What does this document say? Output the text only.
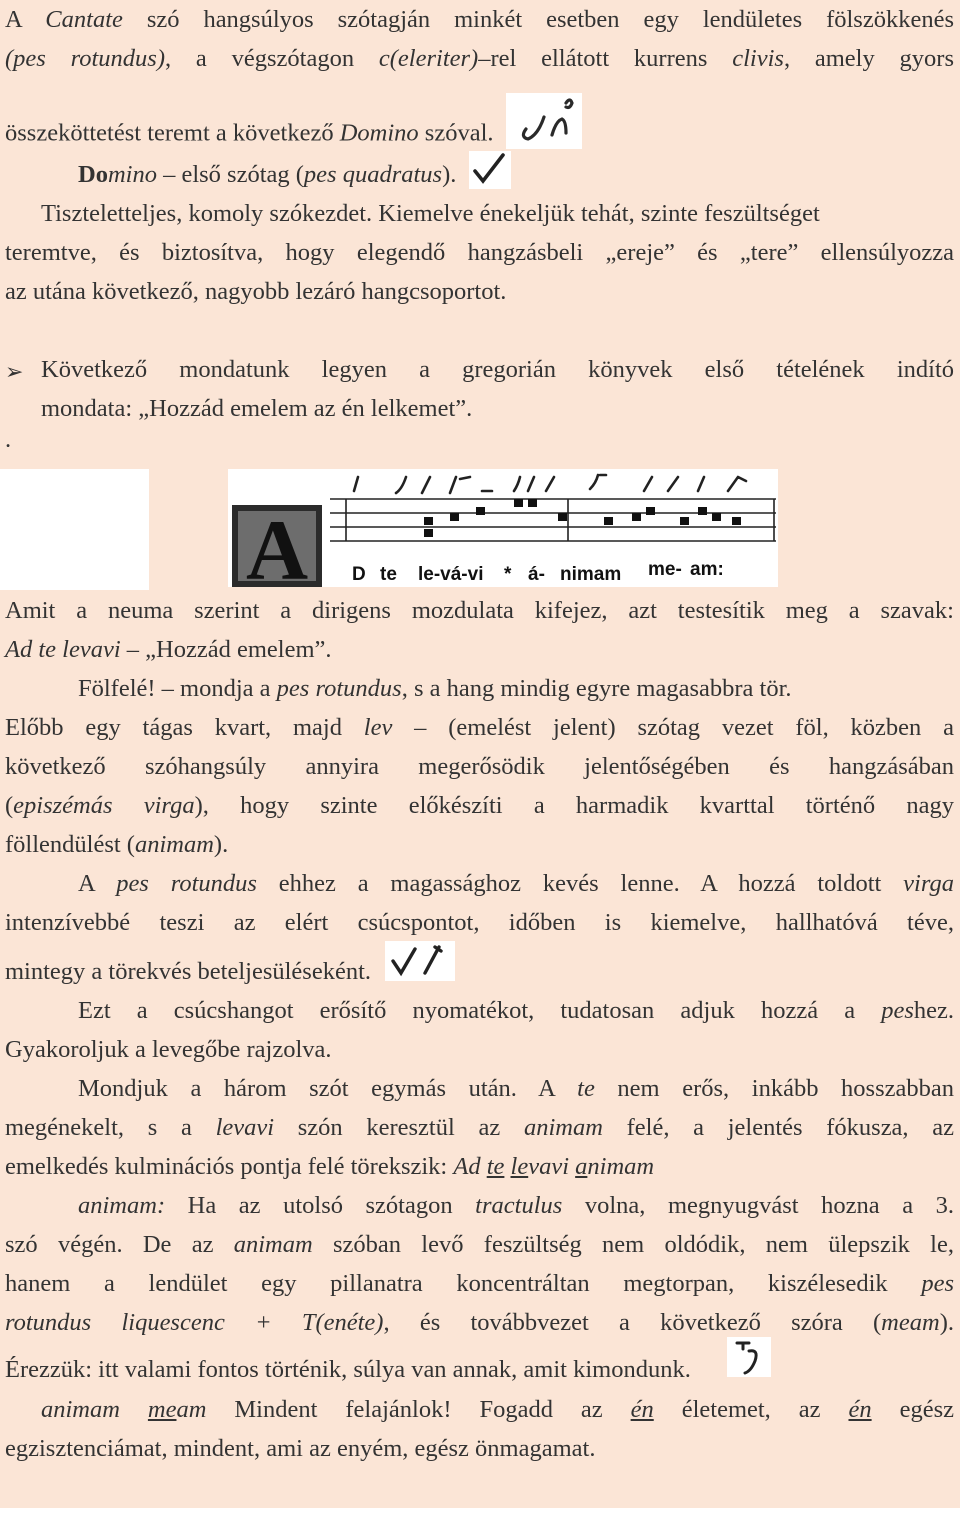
A Cantate szó hangsúlyos szótagján minkét esetben egy lendületes fölszökkenés
(pes rotundus), a végszótagon c(eleriter)–rel ellátott kurrens clivis, amely gyors
összeköttetést teremt a következő Domino szóval.
Domino – első szótag (pes quadratus).
Tiszteletteljes, komoly szókezdet. Kiemelve énekeljük tehát, szinte feszültséget
teremtve, és biztosítva, hogy elegendő hangzásbeli „ereje” és „tere” ellensúlyozza
az utána következő, nagyobb lezáró hangcsoportot.
➢ Következő mondatunk legyen a gregorián könyvek első tételének indító
mondata: „Hozzád emelem az én lelkemet”.
.
A D te le-vá-vi * á- nimam me- am:
Amit a neuma szerint a dirigens mozdulata kifejez, azt testesítik meg a szavak:
Ad te levavi – „Hozzád emelem”.
Fölfelé! – mondja a pes rotundus, s a hang mindig egyre magasabbra tör.
Előbb egy tágas kvart, majd lev – (emelést jelent) szótag vezet föl, közben a
következő szóhangsúly annyira megerősödik jelentőségében és hangzásában
(episzémás virga), hogy szinte előkészíti a harmadik kvarttal történő nagy
föllendülést (animam).
A pes rotundus ehhez a magassághoz kevés lenne. A hozzá toldott virga
intenzívebbé teszi az elért csúcspontot, időben is kiemelve, hallhatóvá téve,
mintegy a törekvés beteljesüléseként.
Ezt a csúcshangot erősítő nyomatékot, tudatosan adjuk hozzá a peshez.
Gyakoroljuk a levegőbe rajzolva.
Mondjuk a három szót egymás után. A te nem erős, inkább hosszabban
megénekelt, s a levavi szón keresztül az animam felé, a jelentés fókusza, az
emelkedés kulminációs pontja felé törekszik: Ad te levavi animam
animam: Ha az utolsó szótagon tractulus volna, megnyugvást hozna a 3.
szó végén. De az animam szóban levő feszültség nem oldódik, nem ülepszik le,
hanem a lendület egy pillanatra koncentráltan megtorpan, kiszélesedik pes
rotundus liquescenc + T(enéte), és továbbvezet a következő szóra (meam).
Érezzük: itt valami fontos történik, súlya van annak, amit kimondunk.
animam meam Mindent felajánlok! Fogadd az én életemet, az én egész
egzisztenciámat, mindent, ami az enyém, egész önmagamat.
